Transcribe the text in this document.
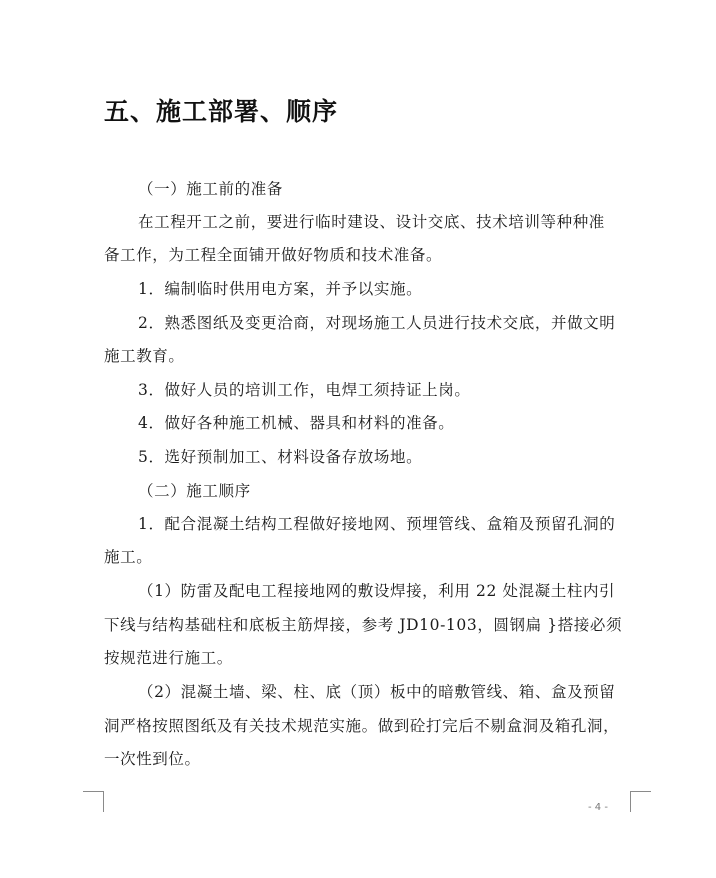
五、施工部署、顺序
（一）施工前的准备
在工程开工之前，要进行临时建设、设计交底、技术培训等种种准
备工作，为工程全面铺开做好物质和技术准备。
1．编制临时供用电方案，并予以实施。
2．熟悉图纸及变更洽商，对现场施工人员进行技术交底，并做文明
施工教育。
3．做好人员的培训工作，电焊工须持证上岗。
4．做好各种施工机械、器具和材料的准备。
5．选好预制加工、材料设备存放场地。
（二）施工顺序
1．配合混凝土结构工程做好接地网、预埋管线、盒箱及预留孔洞的
施工。
（1）防雷及配电工程接地网的敷设焊接，利用 22 处混凝土柱内引
下线与结构基础柱和底板主筋焊接，参考 JD10-103，圆钢扁 }搭接必须
按规范进行施工。
（2）混凝土墙、梁、柱、底（顶）板中的暗敷管线、箱、盒及预留
洞严格按照图纸及有关技术规范实施。做到砼打完后不剔盒洞及箱孔洞，
一次性到位。
- 4 -
